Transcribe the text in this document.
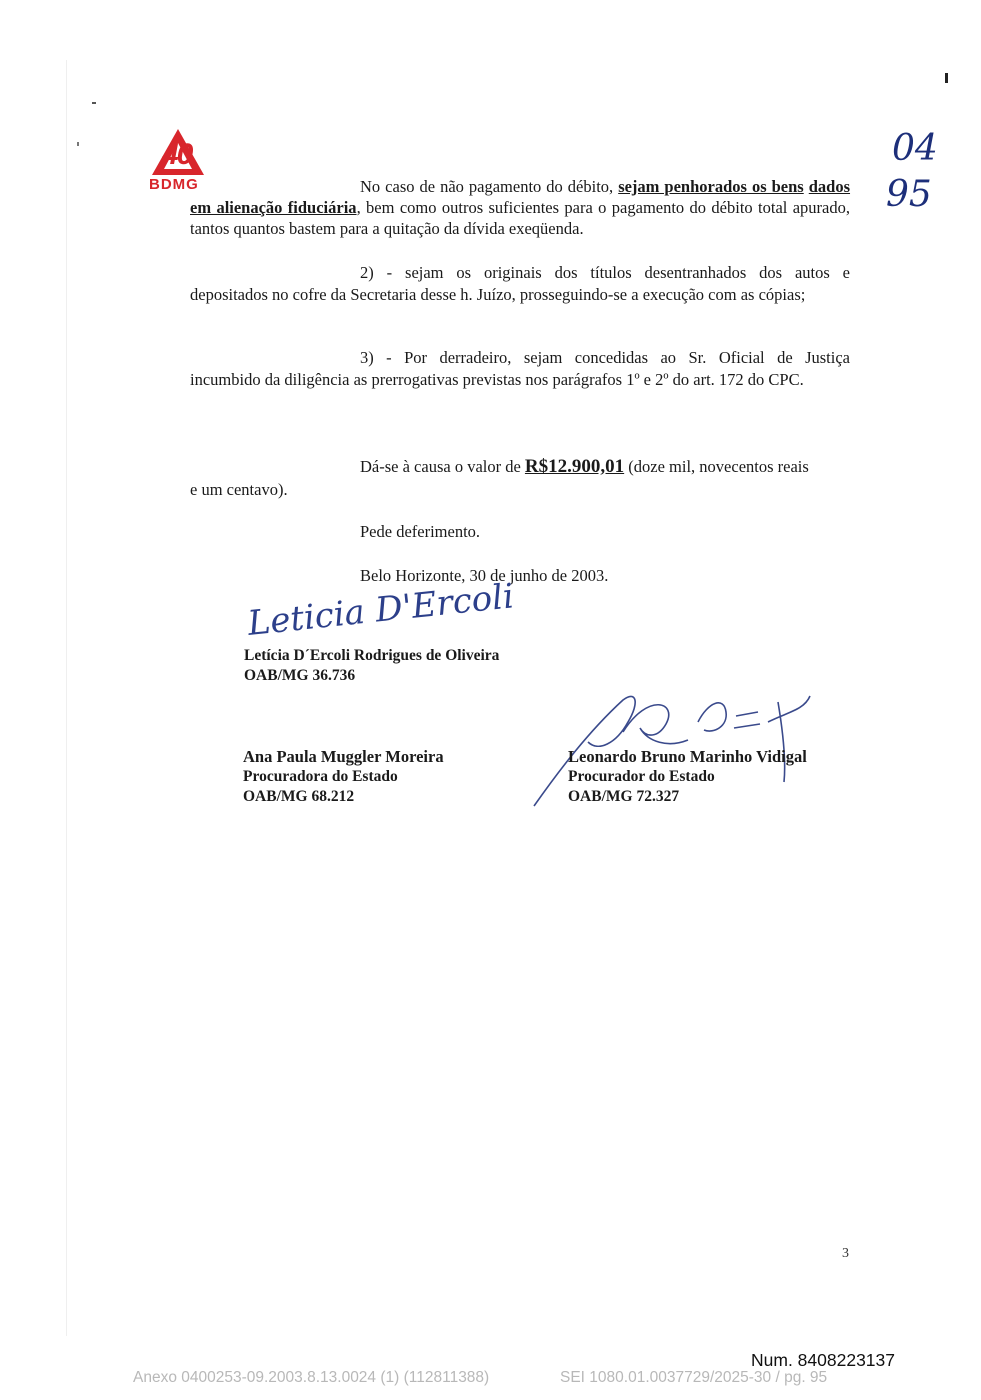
40
anos
BDMG
04
95
No caso de não pagamento do débito, sejam penhorados os bens dados em alienação fiduciária, bem como outros suficientes para o pagamento do débito total apurado, tantos quantos bastem para a quitação da dívida exeqüenda.
2) - sejam os originais dos títulos desentranhados dos autos e
depositados no cofre da Secretaria desse h. Juízo, prosseguindo-se a execução com as cópias;
3) - Por derradeiro, sejam concedidas ao Sr. Oficial de Justiça
incumbido da diligência as prerrogativas previstas nos parágrafos 1º e 2º do art. 172 do CPC.
Dá-se à causa o valor de R$12.900,01 (doze mil, novecentos reais
e um centavo).
Pede deferimento.
Belo Horizonte, 30 de junho de 2003.
Leticia D'Ercoli
Letícia D´Ercoli Rodrigues de Oliveira
OAB/MG 36.736
Ana Paula Muggler Moreira
Procuradora do Estado
OAB/MG 68.212
Leonardo Bruno Marinho Vidigal
Procurador do Estado
OAB/MG 72.327
3
Num. 8408223137
Anexo 0400253-09.2003.8.13.0024 (1) (112811388)	SEI 1080.01.0037729/2025-30 / pg. 95
